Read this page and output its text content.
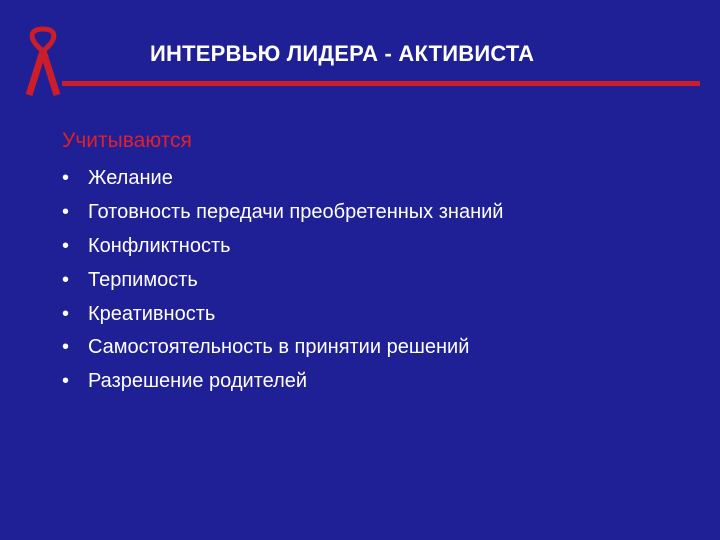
ИНТЕРВЬЮ ЛИДЕРА - АКТИВИСТА
Учитываются
• Желание
• Готовность передачи преобретенных знаний
• Конфликтность
• Терпимость
• Креативность
• Самостоятельность в принятии решений
• Разрешение родителей
